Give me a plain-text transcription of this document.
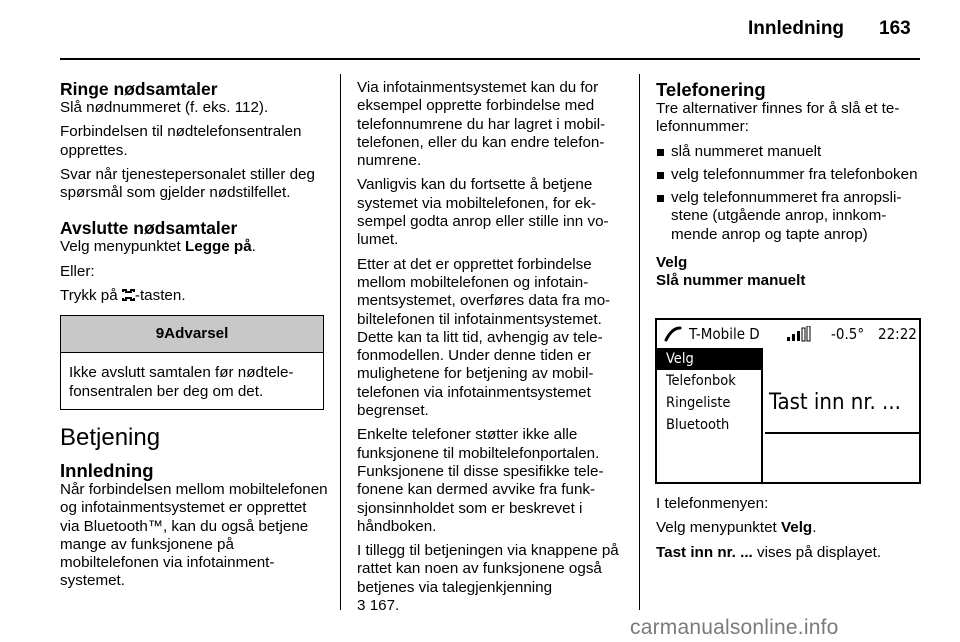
Innledning 163
Ringe nødsamtaler

Slå nødnummeret (f. eks. 112).

Forbindelsen til nødtelefonsentralen opprettes.

Svar når tjenestepersonalet stiller deg spørsmål som gjelder nødstilfellet.

Avslutte nødsamtaler

Velg menypunktet Legge på.

Eller:

Trykk på -tasten.

9Advarsel
Ikke avslutt samtalen før nødtelefonsentralen ber deg om det.
Betjening
Innledning

Når forbindelsen mellom mobiltelefonen og infotainmentsystemet er opprettet via Bluetooth™, kan du også betjene mange av funksjonene på mobiltelefonen via infotainmentsystemet.

Via infotainmentsystemet kan du for eksempel opprette forbindelse med telefonnumrene du har lagret i mobiltelefonen, eller du kan endre telefonnumrene.

Vanligvis kan du fortsette å betjene systemet via mobiltelefonen, for eksempel godta anrop eller stille inn volumet.

Etter at det er opprettet forbindelse mellom mobiltelefonen og infotainmentsystemet, overføres data fra mobiltelefonen til infotainmentsystemet. Dette kan ta litt tid, avhengig av telefonmodellen. Under denne tiden er mulighetene for betjening av mobiltelefonen via infotainmentsystemet begrenset.

Enkelte telefoner støtter ikke alle funksjonene til mobiltelefonportalen. Funksjonene til disse spesifikke telefonene kan dermed avvike fra funksjonsinnholdet som er beskrevet i håndboken.

I tillegg til betjeningen via knappene på rattet kan noen av funksjonene også betjenes via talegjenkjenning
3 167.

Telefonering

Tre alternativer finnes for å slå et telefonnummer:

slå nummeret manuelt
velg telefonnummer fra telefonboken
velg telefonnummeret fra anropslistene (utgående anrop, innkommende anrop og tapte anrop)
Velg
Slå nummer manuelt
T-Mobile D	-0.5° 22:22
Velg
Telefonbok
Ringeliste
Bluetooth
Tast inn nr. ...

I telefonmenyen:

Velg menypunktet Velg.

Tast inn nr. ... vises på displayet.

carmanualsonline.info
